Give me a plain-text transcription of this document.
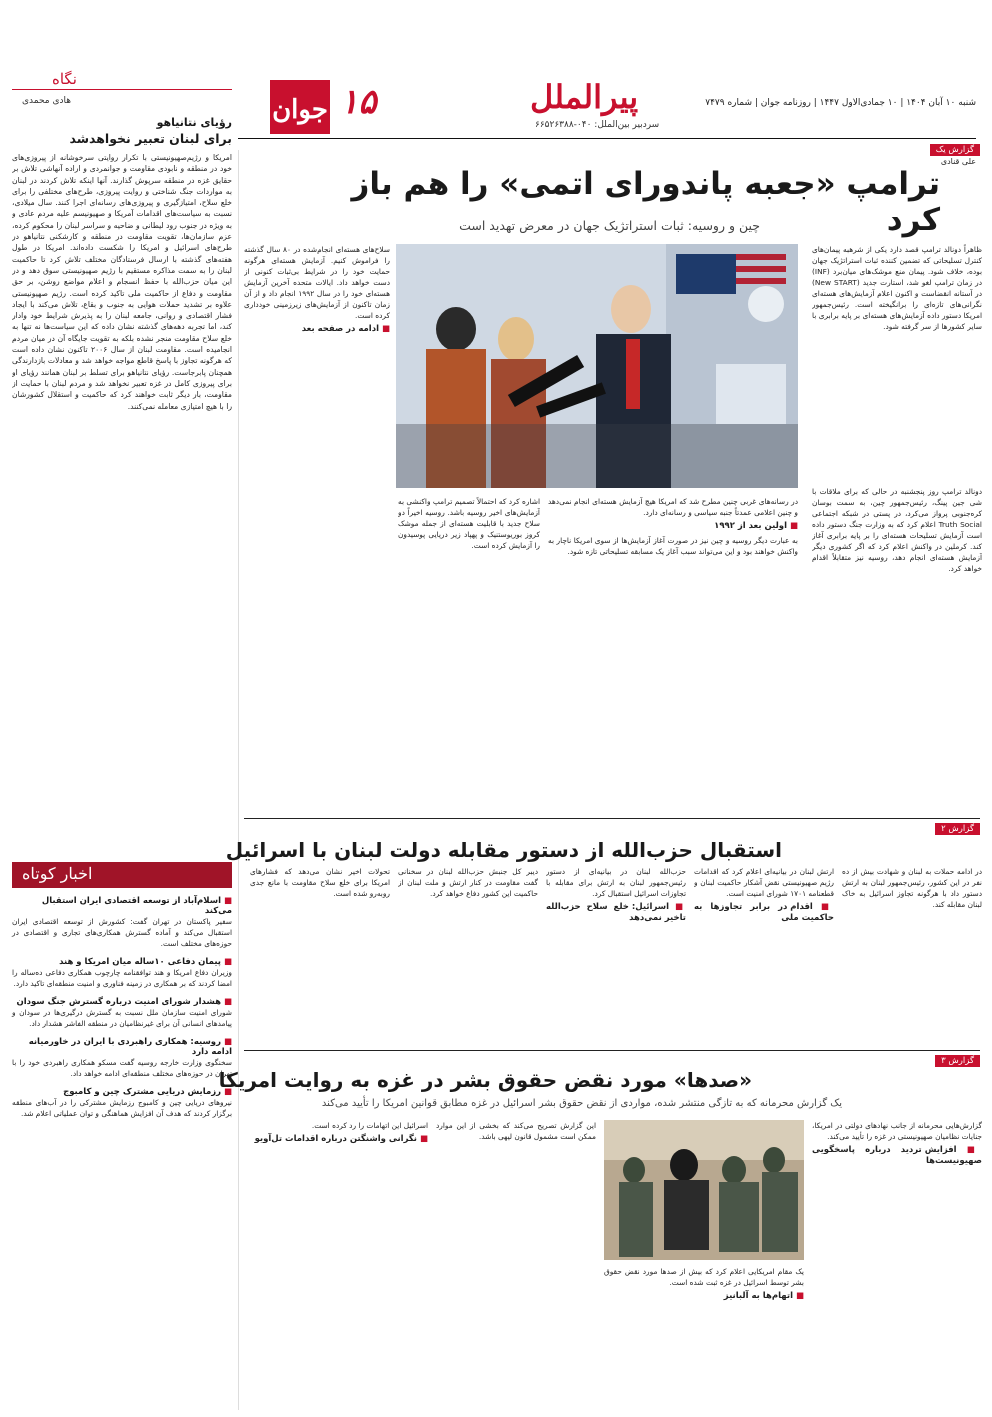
شنبه ۱۰ آبان ۱۴۰۴ | ۱۰ جمادی‌الاول ۱۴۴۷ | روزنامه جوان | شماره ۷۴۷۹
پیرالملل
سردبیر بین‌الملل: ۰۴۰-۶۶۵۲۶۳۸۸
۱۵
جوان
نگاه
هادی محمدی
رؤیای نتانیاهو
برای لبنان تعبیر نخواهدشد
امریکا و رژیم‌صهیونیستی با تکرار روایتی سرخوشانه از پیروزی‌های خود در منطقه و نابودی مقاومت و جوانمردی و اراده آنهاشی تلاش بر حقایق غزه در منطقه سرپوش گذارند. آنها اینکه تلاش کردند در لبنان به مواردات جنگ شناختی و روایت پیروزی، طرح‌های مختلفی را برای خلع سلاح، امتیازگیری و پیروزی‌های رسانه‌ای اجرا کنند. سال میلادی، نسبت به سیاست‌های اقدامات آمریکا و صهیونیسم علیه مردم عادی و به ویژه در جنوب رود لیطانی و ضاحیه و سراسر لبنان را محکوم کرده، عزم سازمان‌ها، تقویت مقاومت در منطقه و کارشکنی نتانیاهو در طرح‌های اسرائیل و امریکا را شکست داده‌اند. امریکا در طول هفته‌های گذشته با ارسال فرستادگان مختلف تلاش کرد تا حاکمیت لبنان را به سمت مذاکره مستقیم با رژیم صهیونیستی سوق دهد و در این میان حزب‌الله با حفظ انسجام و اعلام مواضع روشن، بر حق مقاومت و دفاع از حاکمیت ملی تاکید کرده است. رژیم صهیونیستی علاوه بر تشدید حملات هوایی به جنوب و بقاع، تلاش می‌کند با ایجاد فشار اقتصادی و روانی، جامعه لبنان را به پذیرش شرایط خود وادار کند، اما تجربه دهه‌های گذشته نشان داده که این سیاست‌ها نه تنها به خلع سلاح مقاومت منجر نشده بلکه به تقویت جایگاه آن در میان مردم انجامیده است. مقاومت لبنان از سال ۲۰۰۶ تاکنون نشان داده است که هرگونه تجاوز با پاسخ قاطع مواجه خواهد شد و معادلات بازدارندگی همچنان پابرجاست. رؤیای نتانیاهو برای تسلط بر لبنان همانند رؤیای او برای پیروزی کامل در غزه تعبیر نخواهد شد و مردم لبنان با حمایت از مقاومت، بار دیگر ثابت خواهند کرد که حاکمیت و استقلال کشورشان را با هیچ امتیازی معامله نمی‌کنند.
اخبار کوتاه
■ اسلام‌آباد از توسعه اقتصادی ایران استقبال می‌کند
سفیر پاکستان در تهران گفت: کشورش از توسعه اقتصادی ایران استقبال می‌کند و آماده گسترش همکاری‌های تجاری و اقتصادی در حوزه‌های مختلف است.
■ پیمان دفاعی ۱۰ساله میان امریکا و هند
وزیران دفاع امریکا و هند توافقنامه چارچوب همکاری دفاعی ده‌ساله را امضا کردند که بر همکاری در زمینه فناوری و امنیت منطقه‌ای تاکید دارد.
■ هشدار شورای امنیت درباره گسترش جنگ سودان
شورای امنیت سازمان ملل نسبت به گسترش درگیری‌ها در سودان و پیامدهای انسانی آن برای غیرنظامیان در منطقه الفاشر هشدار داد.
■ روسیه: همکاری راهبردی با ایران در خاورمیانه ادامه دارد
سخنگوی وزارت خارجه روسیه گفت مسکو همکاری راهبردی خود را با تهران در حوزه‌های مختلف منطقه‌ای ادامه خواهد داد.
■ رزمایش دریایی مشترک چین و کامبوج
نیروهای دریایی چین و کامبوج رزمایش مشترکی را در آب‌های منطقه برگزار کردند که هدف آن افزایش هماهنگی و توان عملیاتی اعلام شد.
گزارش یک
علی قنادی
ترامپ «جعبه پاندورای اتمی» را هم باز کرد
چین و روسیه: ثبات استراتژیک جهان در معرض تهدید است
ظاهراً دونالد ترامپ قصد دارد یکی از شرهبه پیمان‌های کنترل تسلیحاتی که تضمین کننده ثبات استراتژیک جهان بوده، خلاف شود. پیمان منع موشک‌های میان‌برد (INF) در زمان ترامپ لغو شد، استارت جدید (New START) در آستانه انقضاست و اکنون اعلام آزمایش‌های هسته‌ای نگرانی‌های تازه‌ای را برانگیخته است. رئیس‌جمهور امریکا دستور داده آزمایش‌های هسته‌ای بر پایه برابری با سایر کشورها از سر گرفته شود.
دونالد ترامپ روز پنجشنبه در حالی که برای ملاقات با شی جین پینگ، رئیس‌جمهور چین، به سمت بوسان کره‌جنوبی پرواز می‌کرد، در پستی در شبکه اجتماعی Truth Social اعلام کرد که به وزارت جنگ دستور داده است آزمایش تسلیحات هسته‌ای را بر پایه برابری آغاز کند. کرملین در واکنش اعلام کرد که اگر کشوری دیگر آزمایش هسته‌ای انجام دهد، روسیه نیز متقابلاً اقدام خواهد کرد.
در رسانه‌های غربی چنین مطرح شد که امریکا هیچ آزمایش هسته‌ای انجام نمی‌دهد و چنین اعلامی عمدتاً جنبه سیاسی و رسانه‌ای دارد.
■ اولین بعد از ۱۹۹۲
به عبارت دیگر روسیه و چین نیز در صورت آغاز آزمایش‌ها از سوی امریکا ناچار به واکنش خواهند بود و این می‌تواند سبب آغاز یک مسابقه تسلیحاتی تازه شود.
اشاره کرد که احتمالاً تصمیم ترامپ واکنشی به آزمایش‌های اخیر روسیه باشد. روسیه اخیراً دو سلاح جدید با قابلیت هسته‌ای از جمله موشک کروز بوریوستنیک و پهپاد زیر دریایی پوسیدون را آزمایش کرده است.
سلاح‌های هسته‌ای انجام‌شده در ۸۰ سال گذشته را فراموش کنیم. آزمایش هسته‌ای هرگونه حمایت خود را در شرایط بی‌ثبات کنونی از دست خواهد داد. ایالات متحده آخرین آزمایش هسته‌ای خود را در سال ۱۹۹۲ انجام داد و از آن زمان تاکنون از آزمایش‌های زیرزمینی خودداری کرده است.
■ ادامه در صفحه بعد
گزارش ۲
استقبال حزب‌الله از دستور مقابله دولت لبنان با اسرائیل
در ادامه حملات به لبنان و شهادت بیش از ده نفر در این کشور، رئیس‌جمهور لبنان به ارتش دستور داد با هرگونه تجاوز اسرائیل به خاک لبنان مقابله کند.
ارتش لبنان در بیانیه‌ای اعلام کرد که اقدامات رژیم صهیونیستی نقض آشکار حاکمیت لبنان و قطعنامه ۱۷۰۱ شورای امنیت است.
■ اقدام در برابر تجاوزها به حاکمیت ملی
حزب‌الله لبنان در بیانیه‌ای از دستور رئیس‌جمهور لبنان به ارتش برای مقابله با تجاوزات اسرائیل استقبال کرد.
■ اسرائیل: خلع سلاح حزب‌الله تاخیر نمی‌دهد
دیبر کل جنبش حزب‌الله لبنان در سخنانی گفت مقاومت در کنار ارتش و ملت لبنان از حاکمیت این کشور دفاع خواهد کرد.
تحولات اخیر نشان می‌دهد که فشارهای امریکا برای خلع سلاح مقاومت با مانع جدی روبه‌رو شده است.
گزارش ۳
«صدها» مورد نقض حقوق بشر در غزه به روایت امریکا
یک گزارش محرمانه که به تازگی منتشر شده، مواردی از نقض حقوق بشر اسرائیل در غزه مطابق قوانین امریکا را تأیید می‌کند
گزارش‌هایی محرمانه از جانب نهادهای دولتی در امریکا، جنایات نظامیان صهیونیستی در غزه را تأیید می‌کند.
■ افزایش تردید درباره پاسخگویی صهیونیست‌ها
یک مقام امریکایی اعلام کرد که بیش از صدها مورد نقض حقوق بشر توسط اسرائیل در غزه ثبت شده است.
■ اتهام‌ها به آلبانیز
این گزارش تصریح می‌کند که بخشی از این موارد ممکن است مشمول قانون لیهی باشد.
اسرائیل این اتهامات را رد کرده است.
■ نگرانی واشنگتن درباره اقدامات تل‌آویو
